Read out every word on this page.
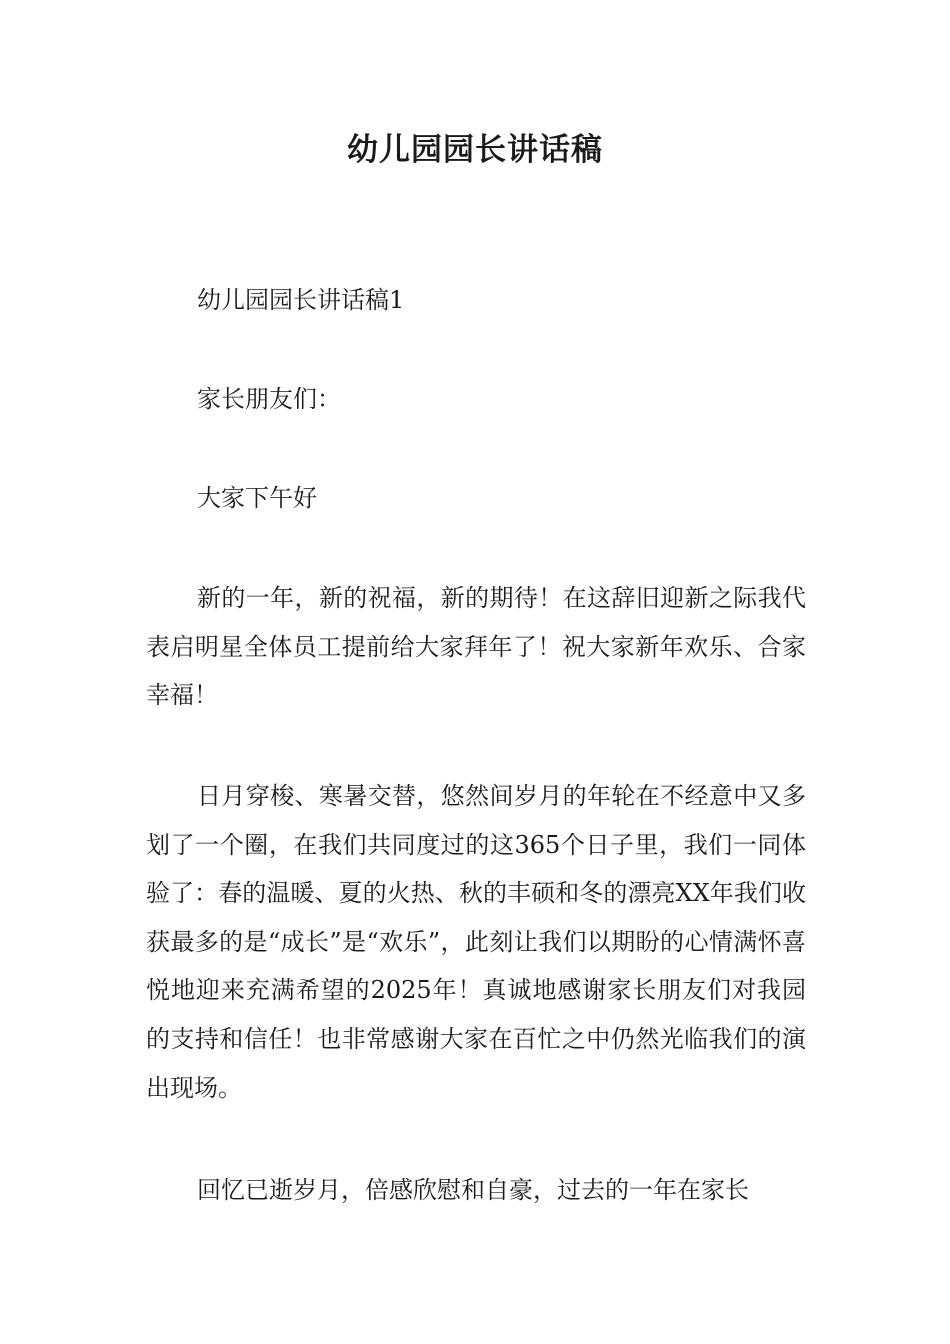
幼儿园园长讲话稿

幼儿园园长讲话稿1

家长朋友们：

大家下午好

新的一年，新的祝福，新的期待！在这辞旧迎新之际我代表启明星全体员工提前给大家拜年了！祝大家新年欢乐、合家幸福！

日月穿梭、寒暑交替，悠然间岁月的年轮在不经意中又多划了一个圈，在我们共同度过的这365个日子里，我们一同体验了：春的温暖、夏的火热、秋的丰硕和冬的漂亮XX年我们收获最多的是“成长”是“欢乐”，此刻让我们以期盼的心情满怀喜悦地迎来充满希望的2025年！真诚地感谢家长朋友们对我园的支持和信任！也非常感谢大家在百忙之中仍然光临我们的演出现场。

回忆已逝岁月，倍感欣慰和自豪，过去的一年在家长
